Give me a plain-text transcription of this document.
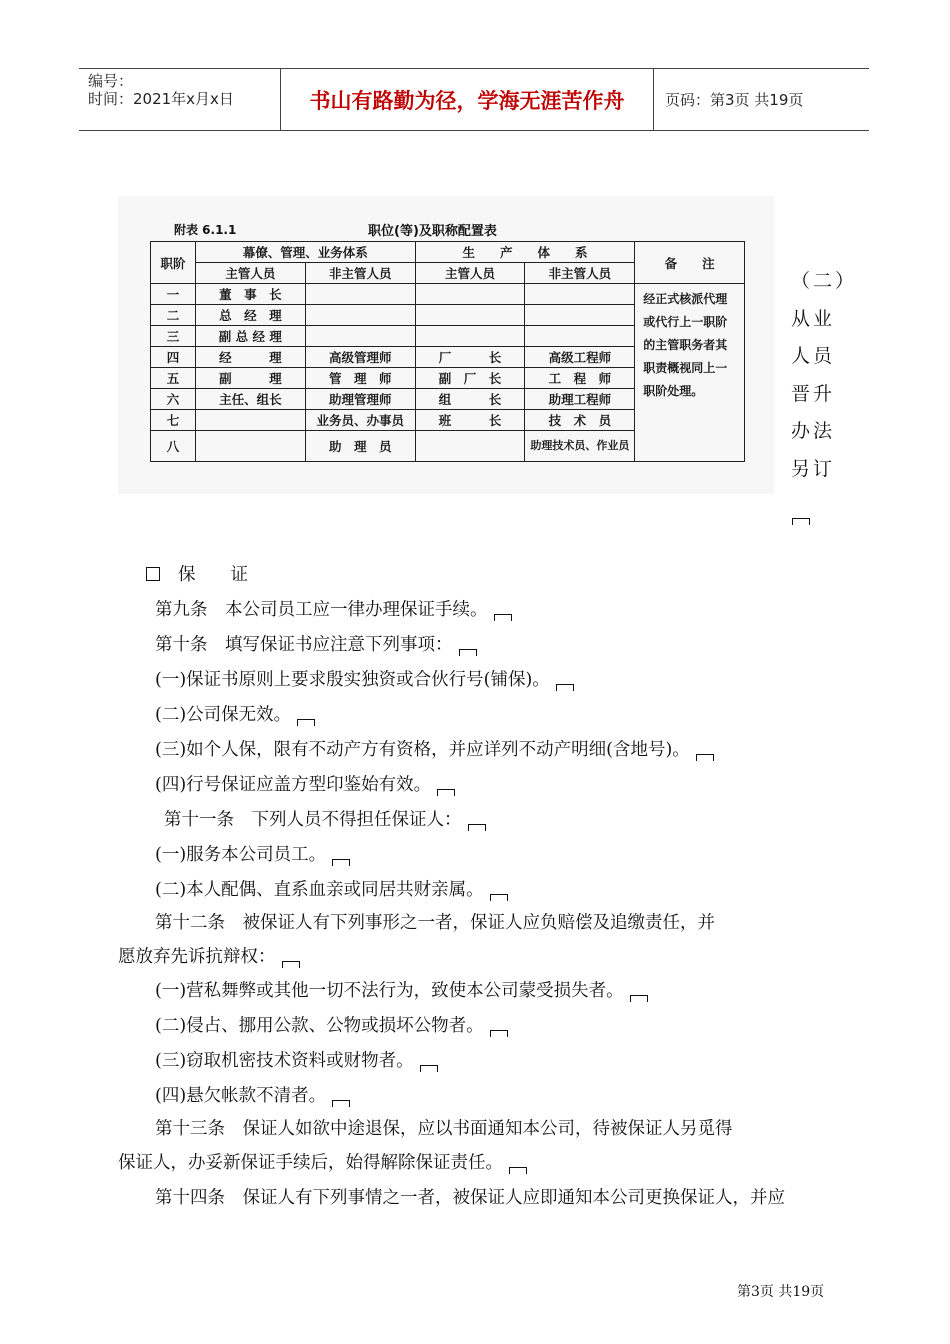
编号：
时间：2021年x月x日	书山有路勤为径，学海无涯苦作舟	页码：第3页 共19页
附表 6.1.1	职位(等)及职称配置表
职阶	幕僚、管理、业务体系		生　　产　　体　　系		备　　注
	主管人员	非主管人员	主管人员	非主管人员	
一	董　事　长				经正式核派代理或代行上一职阶的主管职务者其职责概视同上一职阶处理。
二	总　经　理				
三	副 总 经 理				
四	经　　　理	高级管理师	厂　　　长	高级工程师	
五	副　　　理	管　理　师	副　厂　长	工　程　师	
六	主任、组长	助理管理师	组　　　长	助理工程师	
七		业务员、办事员	班　　　长	技　术　员	
八		助　理　员		助理技术员、作业员	
（二）
从业
人员
晋升
办法
另订
保　　证
第九条　本公司员工应一律办理保证手续。
第十条　填写保证书应注意下列事项：
(一)保证书原则上要求殷实独资或合伙行号(铺保)。
(二)公司保无效。
(三)如个人保，限有不动产方有资格，并应详列不动产明细(含地号)。
(四)行号保证应盖方型印鉴始有效。
第十一条　下列人员不得担任保证人：
(一)服务本公司员工。
(二)本人配偶、直系血亲或同居共财亲属。
第十二条　被保证人有下列事形之一者，保证人应负赔偿及追缴责任，并
愿放弃先诉抗辩权：
(一)营私舞弊或其他一切不法行为，致使本公司蒙受损失者。
(二)侵占、挪用公款、公物或损坏公物者。
(三)窃取机密技术资料或财物者。
(四)悬欠帐款不清者。
第十三条　保证人如欲中途退保，应以书面通知本公司，待被保证人另觅得
保证人，办妥新保证手续后，始得解除保证责任。
第十四条　保证人有下列事情之一者，被保证人应即通知本公司更换保证人，并应
第3页 共19页
